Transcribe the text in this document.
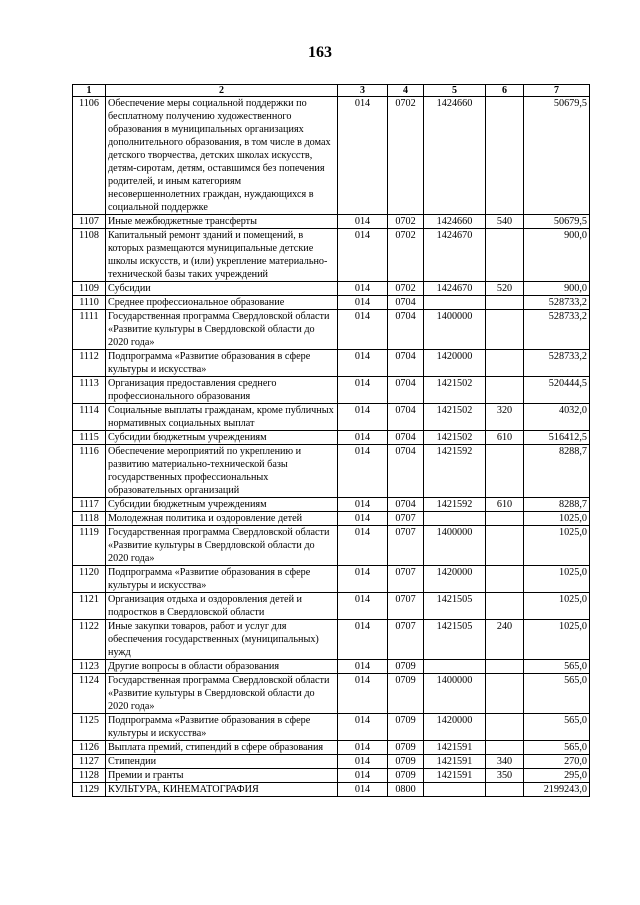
163
1	2	3	4	5	6	7
1106	Обеспечение меры социальной поддержки по бесплатному получению художественного образования в муниципальных организациях дополнительного образования, в том числе в домах детского творчества, детских школах искусств, детям-сиротам, детям, оставшимся без попечения родителей, и иным категориям несовершеннолетних граждан, нуждающихся в социальной поддержке	014	0702	1424660		50679,5
1107	Иные межбюджетные трансферты	014	0702	1424660	540	50679,5
1108	Капитальный ремонт зданий и помещений, в которых размещаются муниципальные детские школы искусств, и (или) укрепление материально-технической базы таких учреждений	014	0702	1424670		900,0
1109	Субсидии	014	0702	1424670	520	900,0
1110	Среднее профессиональное образование	014	0704			528733,2
1111	Государственная программа Свердловской области «Развитие культуры в Свердловской области до 2020 года»	014	0704	1400000		528733,2
1112	Подпрограмма «Развитие образования в сфере культуры и искусства»	014	0704	1420000		528733,2
1113	Организация предоставления среднего профессионального образования	014	0704	1421502		520444,5
1114	Социальные выплаты гражданам, кроме публичных нормативных социальных выплат	014	0704	1421502	320	4032,0
1115	Субсидии бюджетным учреждениям	014	0704	1421502	610	516412,5
1116	Обеспечение мероприятий по укреплению и развитию материально-технической базы государственных профессиональных образовательных организаций	014	0704	1421592		8288,7
1117	Субсидии бюджетным учреждениям	014	0704	1421592	610	8288,7
1118	Молодежная политика и оздоровление детей	014	0707			1025,0
1119	Государственная программа Свердловской области «Развитие культуры в Свердловской области до 2020 года»	014	0707	1400000		1025,0
1120	Подпрограмма «Развитие образования в сфере культуры и искусства»	014	0707	1420000		1025,0
1121	Организация отдыха и оздоровления детей и подростков в Свердловской области	014	0707	1421505		1025,0
1122	Иные закупки товаров, работ и услуг для обеспечения государственных (муниципальных) нужд	014	0707	1421505	240	1025,0
1123	Другие вопросы в области образования	014	0709			565,0
1124	Государственная программа Свердловской области «Развитие культуры в Свердловской области до 2020 года»	014	0709	1400000		565,0
1125	Подпрограмма «Развитие образования в сфере культуры и искусства»	014	0709	1420000		565,0
1126	Выплата премий, стипендий в сфере образования	014	0709	1421591		565,0
1127	Стипендии	014	0709	1421591	340	270,0
1128	Премии и гранты	014	0709	1421591	350	295,0
1129	КУЛЬТУРА, КИНЕМАТОГРАФИЯ	014	0800			2199243,0
